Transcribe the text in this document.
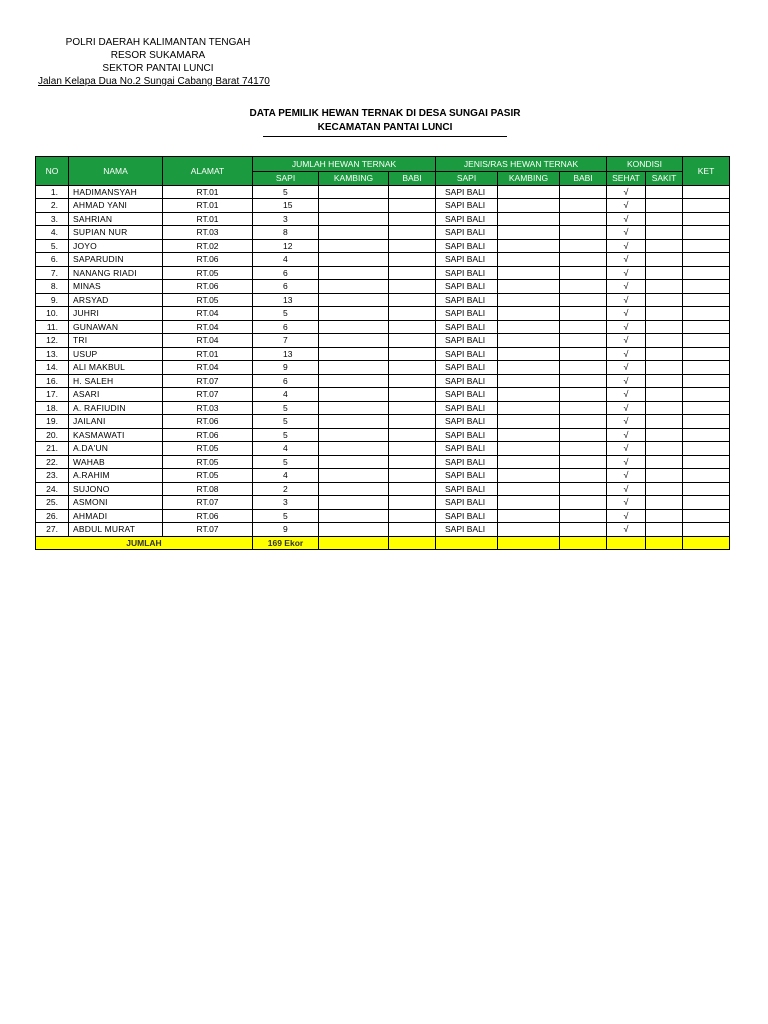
POLRI DAERAH KALIMANTAN TENGAH
RESOR SUKAMARA
SEKTOR PANTAI LUNCI
Jalan Kelapa Dua No.2 Sungai Cabang Barat 74170
DATA PEMILIK HEWAN TERNAK DI DESA SUNGAI PASIR
KECAMATAN PANTAI LUNCI
NO	NAMA	ALAMAT	JUMLAH HEWAN TERNAK			JENIS/RAS HEWAN TERNAK			KONDISI		KET
			SAPI	KAMBING	BABI	SAPI	KAMBING	BABI	SEHAT	SAKIT	
1.	HADIMANSYAH	RT.01	5			SAPI BALI			√		
2.	AHMAD YANI	RT.01	15			SAPI BALI			√		
3.	SAHRIAN	RT.01	3			SAPI BALI			√		
4.	SUPIAN NUR	RT.03	8			SAPI BALI			√		
5.	JOYO	RT.02	12			SAPI BALI			√		
6.	SAPARUDIN	RT.06	4			SAPI BALI			√		
7.	NANANG RIADI	RT.05	6			SAPI BALI			√		
8.	MINAS	RT.06	6			SAPI BALI			√		
9.	ARSYAD	RT.05	13			SAPI BALI			√		
10.	JUHRI	RT.04	5			SAPI BALI			√		
11.	GUNAWAN	RT.04	6			SAPI BALI			√		
12.	TRI	RT.04	7			SAPI BALI			√		
13.	USUP	RT.01	13			SAPI BALI			√		
14.	ALI MAKBUL	RT.04	9			SAPI BALI			√		
16.	H. SALEH	RT.07	6			SAPI BALI			√		
17.	ASARI	RT.07	4			SAPI BALI			√		
18.	A. RAFIUDIN	RT.03	5			SAPI BALI			√		
19.	JAILANI	RT.06	5			SAPI BALI			√		
20.	KASMAWATI	RT.06	5			SAPI BALI			√		
21.	A.DA'UN	RT.05	4			SAPI BALI			√		
22.	WAHAB	RT.05	5			SAPI BALI			√		
23.	A.RAHIM	RT.05	4			SAPI BALI			√		
24.	SUJONO	RT.08	2			SAPI BALI			√		
25.	ASMONI	RT.07	3			SAPI BALI			√		
26.	AHMADI	RT.06	5			SAPI BALI			√		
27.	ABDUL MURAT	RT.07	9			SAPI BALI			√		
JUMLAH			169 Ekor								
